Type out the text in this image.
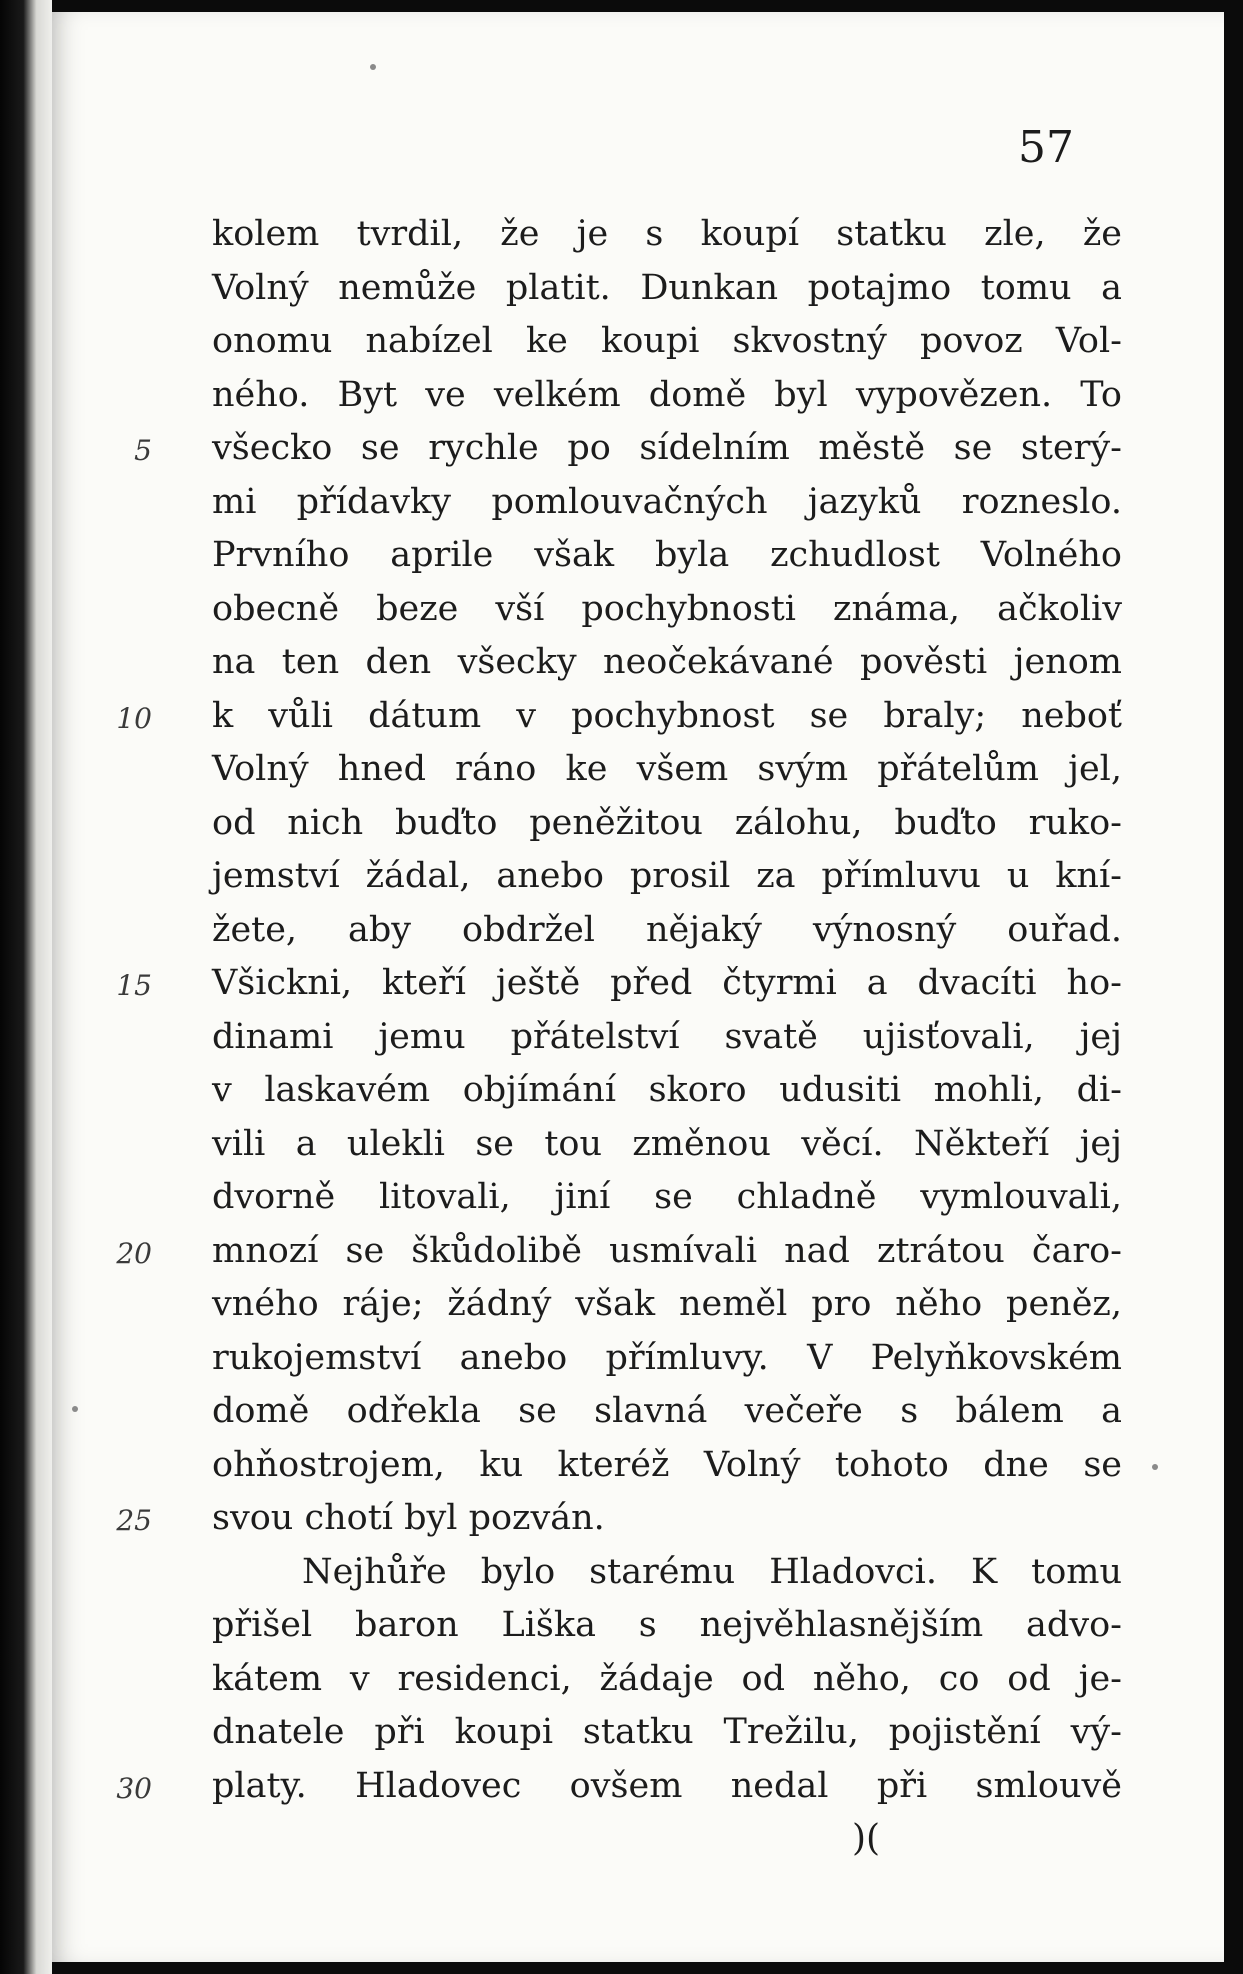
57
kolem tvrdil, že je s koupí statku zle, že
Volný nemůže platit. Dunkan potajmo tomu a
onomu nabízel ke koupi skvostný povoz Vol-
ného. Byt ve velkém domě byl vypovězen. To
všecko se rychle po sídelním městě se sterý-
mi přídavky pomlouvačných jazyků rozneslo.
Prvního aprile však byla zchudlost Volného
obecně beze vší pochybnosti známa, ačkoliv
na ten den všecky neočekávané pověsti jenom
k vůli dátum v pochybnost se braly; neboť
Volný hned ráno ke všem svým přátelům jel,
od nich buďto peněžitou zálohu, buďto ruko-
jemství žádal, anebo prosil za přímluvu u kní-
žete, aby obdržel nějaký výnosný ouřad.
Všickni, kteří ještě před čtyrmi a dvacíti ho-
dinami jemu přátelství svatě ujisťovali, jej
v laskavém objímání skoro udusiti mohli, di-
vili a ulekli se tou změnou věcí. Někteří jej
dvorně litovali, jiní se chladně vymlouvali,
mnozí se škůdolibě usmívali nad ztrátou čaro-
vného ráje; žádný však neměl pro něho peněz,
rukojemství anebo přímluvy. V Pelyňkovském
domě odřekla se slavná večeře s bálem a
ohňostrojem, ku kteréž Volný tohoto dne se
svou chotí byl pozván.
Nejhůře bylo starému Hladovci. K tomu
přišel baron Liška s nejvěhlasnějším advo-
kátem v residenci, žádaje od něho, co od je-
dnatele při koupi statku Trežilu, pojistění vý-
platy. Hladovec ovšem nedal při smlouvě
5
10
15
20
25
30
)(
